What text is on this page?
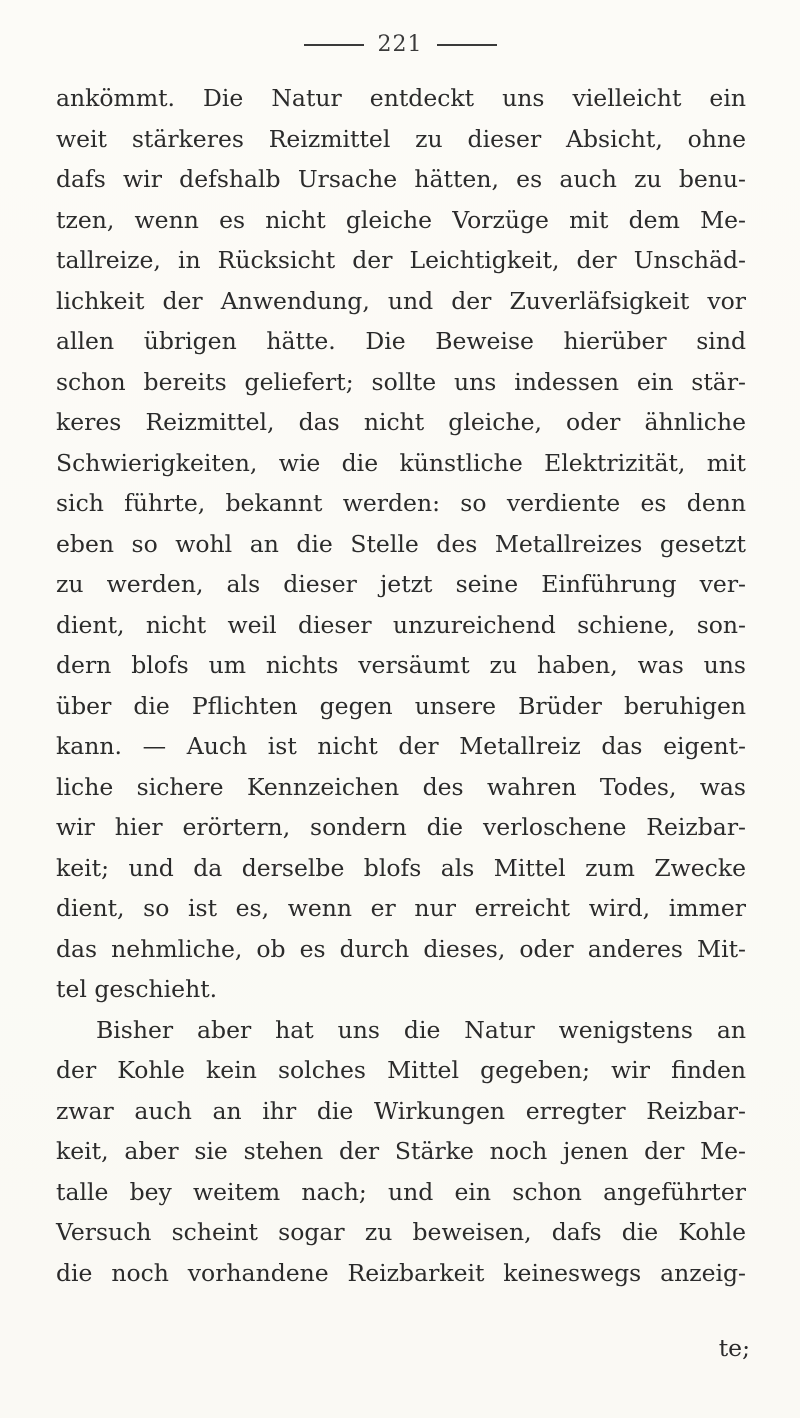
221
ankömmt. Die Natur entdeckt uns vielleicht ein
weit stärkeres Reizmittel zu dieser Absicht, ohne
dafs wir defshalb Ursache hätten, es auch zu benu-
tzen, wenn es nicht gleiche Vorzüge mit dem Me-
tallreize, in Rücksicht der Leichtigkeit, der Unschäd-
lichkeit der Anwendung, und der Zuverläfsigkeit vor
allen übrigen hätte. Die Beweise hierüber sind
schon bereits geliefert; sollte uns indessen ein stär-
keres Reizmittel, das nicht gleiche, oder ähnliche
Schwierigkeiten, wie die künstliche Elektrizität, mit
sich führte, bekannt werden: so verdiente es denn
eben so wohl an die Stelle des Metallreizes gesetzt
zu werden, als dieser jetzt seine Einführung ver-
dient, nicht weil dieser unzureichend schiene, son-
dern blofs um nichts versäumt zu haben, was uns
über die Pflichten gegen unsere Brüder beruhigen
kann. — Auch ist nicht der Metallreiz das eigent-
liche sichere Kennzeichen des wahren Todes, was
wir hier erörtern, sondern die verloschene Reizbar-
keit; und da derselbe blofs als Mittel zum Zwecke
dient, so ist es, wenn er nur erreicht wird, immer
das nehmliche, ob es durch dieses, oder anderes Mit-
tel geschieht.
Bisher aber hat uns die Natur wenigstens an
der Kohle kein solches Mittel gegeben; wir finden
zwar auch an ihr die Wirkungen erregter Reizbar-
keit, aber sie stehen der Stärke noch jenen der Me-
talle bey weitem nach; und ein schon angeführter
Versuch scheint sogar zu beweisen, dafs die Kohle
die noch vorhandene Reizbarkeit keineswegs anzeig-
te;
